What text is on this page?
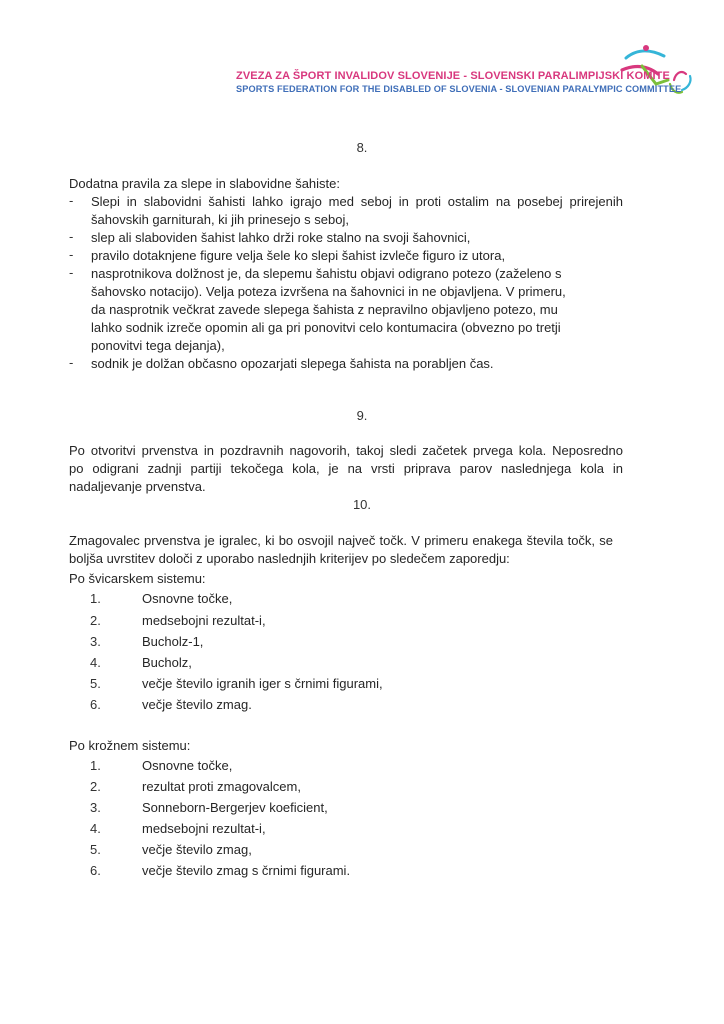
ZVEZA ZA ŠPORT INVALIDOV SLOVENIJE - SLOVENSKI PARALIMPIJSKI KOMITE
SPORTS FEDERATION FOR THE DISABLED OF SLOVENIA - SLOVENIAN PARALYMPIC COMMITTEE
8.
Dodatna pravila za slepe in slabovidne šahiste:
- Slepi in slabovidni šahisti lahko igrajo med seboj in proti ostalim na posebej prirejenih
šahovskih garniturah, ki jih prinesejo s seboj,
- slep ali slaboviden šahist lahko drži roke stalno na svoji šahovnici,
- pravilo dotaknjene figure velja šele ko slepi šahist izvleče figuro iz utora,
- nasprotnikova dolžnost je, da slepemu šahistu objavi odigrano potezo (zaželeno s
šahovsko notacijo). Velja poteza izvršena na šahovnici in ne objavljena. V primeru,
da nasprotnik večkrat zavede slepega šahista z nepravilno objavljeno potezo, mu
lahko sodnik izreče opomin ali ga pri ponovitvi celo kontumacira (obvezno po tretji
ponovitvi tega dejanja),
- sodnik je dolžan občasno opozarjati slepega šahista na porabljen čas.
9.
Po otvoritvi prvenstva in pozdravnih nagovorih, takoj sledi začetek prvega kola. Neposredno
po odigrani zadnji partiji tekočega kola, je na vrsti priprava parov naslednjega kola in
nadaljevanje prvenstva.
10.
Zmagovalec prvenstva je igralec, ki bo osvojil največ točk. V primeru enakega števila točk, se
boljša uvrstitev določi z uporabo naslednjih kriterijev po sledečem zaporedju:
Po švicarskem sistemu:
1.	Osnovne točke,
2.	medsebojni rezultat-i,
3.	Bucholz-1,
4.	Bucholz,
5.	večje število igranih iger s črnimi figurami,
6.	večje število zmag.
Po krožnem sistemu:
1.	Osnovne točke,
2.	rezultat proti zmagovalcem,
3.	Sonneborn-Bergerjev koeficient,
4.	medsebojni rezultat-i,
5.	večje število zmag,
6.	večje število zmag s črnimi figurami.
